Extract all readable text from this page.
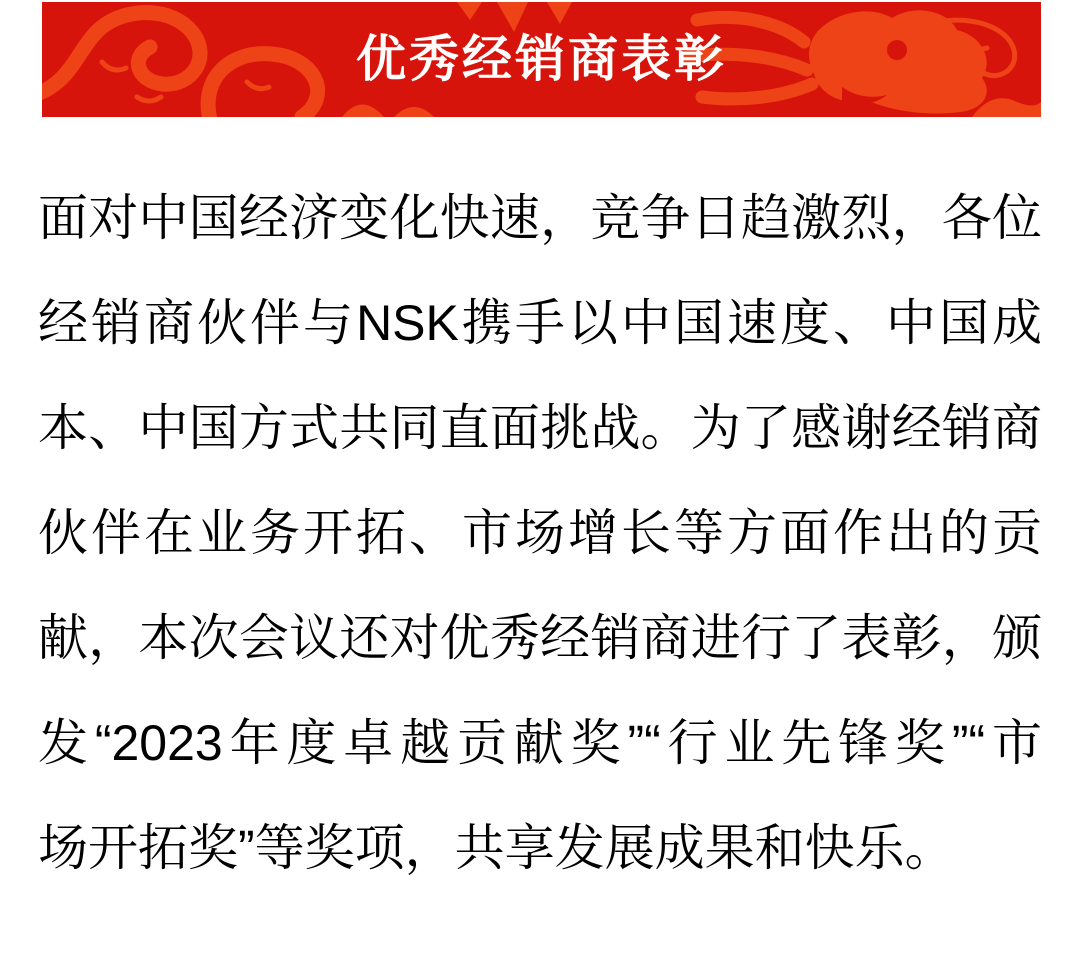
优秀经销商表彰
面对中国经济变化快速，竞争日趋激烈，各位
经销商伙伴与NSK携手以中国速度、中国成
本、中国方式共同直面挑战。为了感谢经销商
伙伴在业务开拓、市场增长等方面作出的贡
献，本次会议还对优秀经销商进行了表彰，颁
发“2023年度卓越贡献奖”“行业先锋奖”“市
场开拓奖”等奖项，共享发展成果和快乐。
